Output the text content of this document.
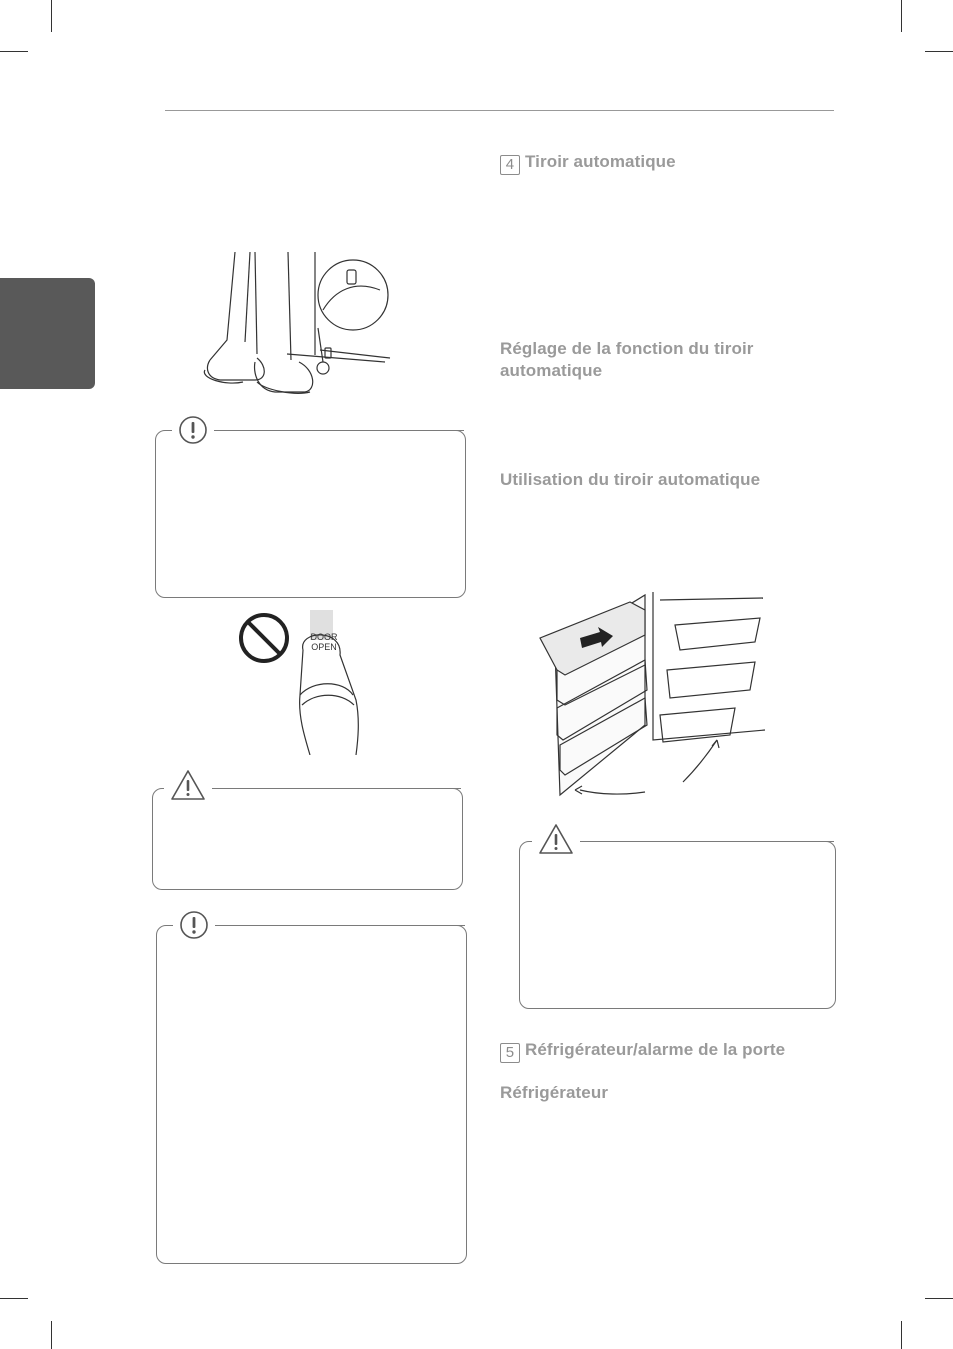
DOOR
OPEN
4 Tiroir automatique
Réglage de la fonction du tiroir automatique
Utilisation du tiroir automatique
5 Réfrigérateur/alarme de la porte
Réfrigérateur
